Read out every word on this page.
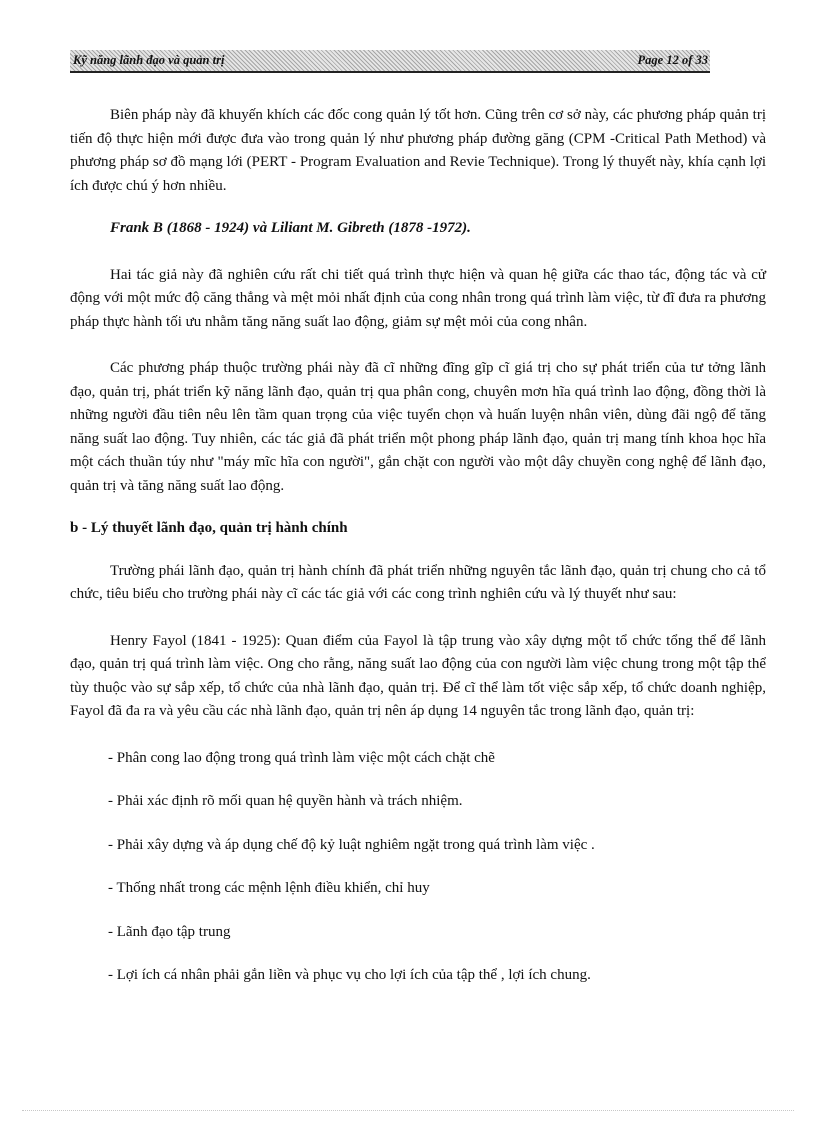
Kỹ năng lãnh đạo và quản trị	Page 12 of 33

Biên pháp này đã khuyến khích các đốc cong quản lý tốt hơn. Cũng trên cơ sở này, các phương pháp quản trị tiến độ thực hiện mới được đưa vào trong quản lý như phương pháp đường găng (CPM -Critical Path Method) và phương pháp sơ đồ mạng lới (PERT - Program Evaluation and Revie Technique). Trong lý thuyết này, khía cạnh lợi ích được chú ý hơn nhiều.

Frank B (1868 - 1924) và Liliant M. Gibreth (1878 -1972).

Hai tác giả này đã nghiên cứu rất chi tiết quá trình thực hiện và quan hệ giữa các thao tác, động tác và cử động với một mức độ căng thẳng và mệt mỏi nhất định của cong nhân trong quá trình làm việc, từ đĩ đưa ra phương pháp thực hành tối ưu nhằm tăng năng suất lao động, giảm sự mệt mỏi của cong nhân.

Các phương pháp thuộc trường phái này đã cĩ những đĩng gĩp cĩ giá trị cho sự phát triển của tư tởng lãnh đạo, quản trị, phát triển kỹ năng lãnh đạo, quản trị qua phân cong, chuyên mơn hĩa quá trình lao động, đồng thời là những người đầu tiên nêu lên tầm quan trọng của việc tuyển chọn và huấn luyện nhân viên, dùng đãi ngộ để tăng năng suất lao động. Tuy nhiên, các tác giả đã phát triển một phong pháp lãnh đạo, quản trị mang tính khoa học hĩa một cách thuần túy như "máy mĩc hĩa con người", gắn chặt con người vào một dây chuyền cong nghệ để lãnh đạo, quản trị và tăng năng suất lao động.

b - Lý thuyết lãnh đạo, quản trị hành chính

Trường phái lãnh đạo, quản trị hành chính đã phát triển những nguyên tắc lãnh đạo, quản trị chung cho cả tổ chức, tiêu biểu cho trường phái này cĩ các tác giả với các cong trình nghiên cứu và lý thuyết như sau:

Henry Fayol (1841 - 1925): Quan điểm của Fayol là tập trung vào xây dựng một tổ chức tổng thể để lãnh đạo, quản trị quá trình làm việc. Ong cho rằng, năng suất lao động của con người làm việc chung trong một tập thể tùy thuộc vào sự sắp xếp, tổ chức của nhà lãnh đạo, quản trị. Để cĩ thể làm tốt việc sắp xếp, tổ chức doanh nghiệp, Fayol đã đa ra và yêu cầu các nhà lãnh đạo, quản trị nên áp dụng 14 nguyên tắc trong lãnh đạo, quản trị:

- Phân cong lao động trong quá trình làm việc một cách chặt chẽ

- Phải xác định rõ mối quan hệ quyền hành và trách nhiệm.

- Phải xây dựng và áp dụng chế độ kỷ luật nghiêm ngặt trong quá trình làm việc .

- Thống nhất trong các mệnh lệnh điều khiển, chỉ huy

- Lãnh đạo tập trung

- Lợi ích cá nhân phải gắn liền và phục vụ cho lợi ích của tập thể , lợi ích chung.
